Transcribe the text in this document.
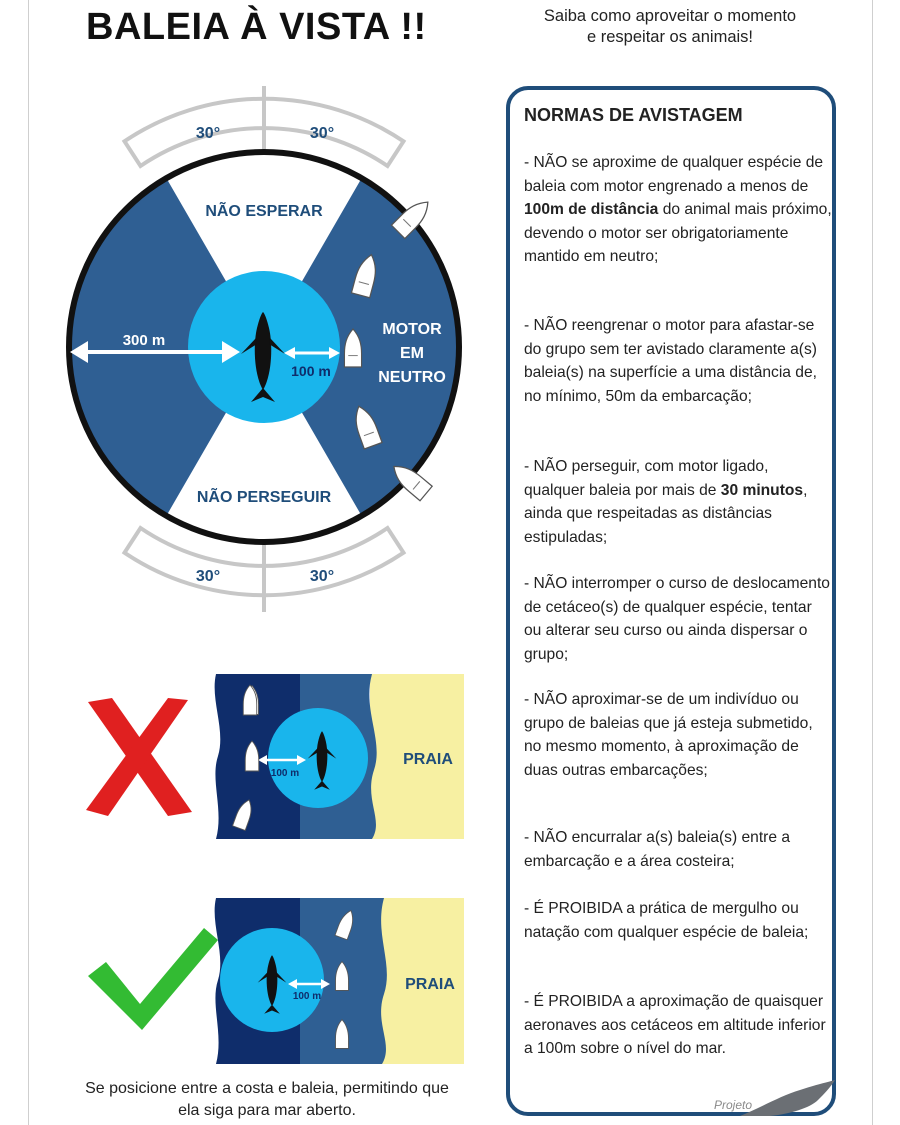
BALEIA À VISTA !!	Saiba como aproveitar o momento
e respeitar os animais!
300 m
100 m
NÃO ESPERAR
NÃO PERSEGUIR
MOTOR
EM
NEUTRO
30°	30°
30°	30°
100 m
PRAIA
100 m
PRAIA
Se posicione entre a costa e baleia, permitindo que
ela siga para mar aberto.
NORMAS DE AVISTAGEM
- NÃO se aproxime de qualquer espécie de baleia com motor engrenado a menos de 100m de distância do animal mais próximo, devendo o motor ser obrigatoriamente mantido em neutro;
- NÃO reengrenar o motor para afastar-se do grupo sem ter avistado claramente a(s) baleia(s) na superfície a uma distância de, no mínimo, 50m da embarcação;
- NÃO perseguir, com motor ligado, qualquer baleia por mais de 30 minutos, ainda que respeitadas as distâncias estipuladas;
- NÃO interromper o curso de deslocamento de cetáceo(s) de qualquer espécie, tentar ou alterar seu curso ou ainda dispersar o grupo;
- NÃO aproximar-se de um indivíduo ou grupo de baleias que já esteja submetido, no mesmo momento, à aproximação de duas outras embarcações;
- NÃO encurralar a(s) baleia(s) entre a embarcação e a área costeira;
- É PROIBIDA a prática de mergulho ou natação com qualquer espécie de baleia;
- É PROIBIDA a aproximação de quaisquer aeronaves aos cetáceos em altitude inferior a 100m sobre o nível do mar.
Projeto
